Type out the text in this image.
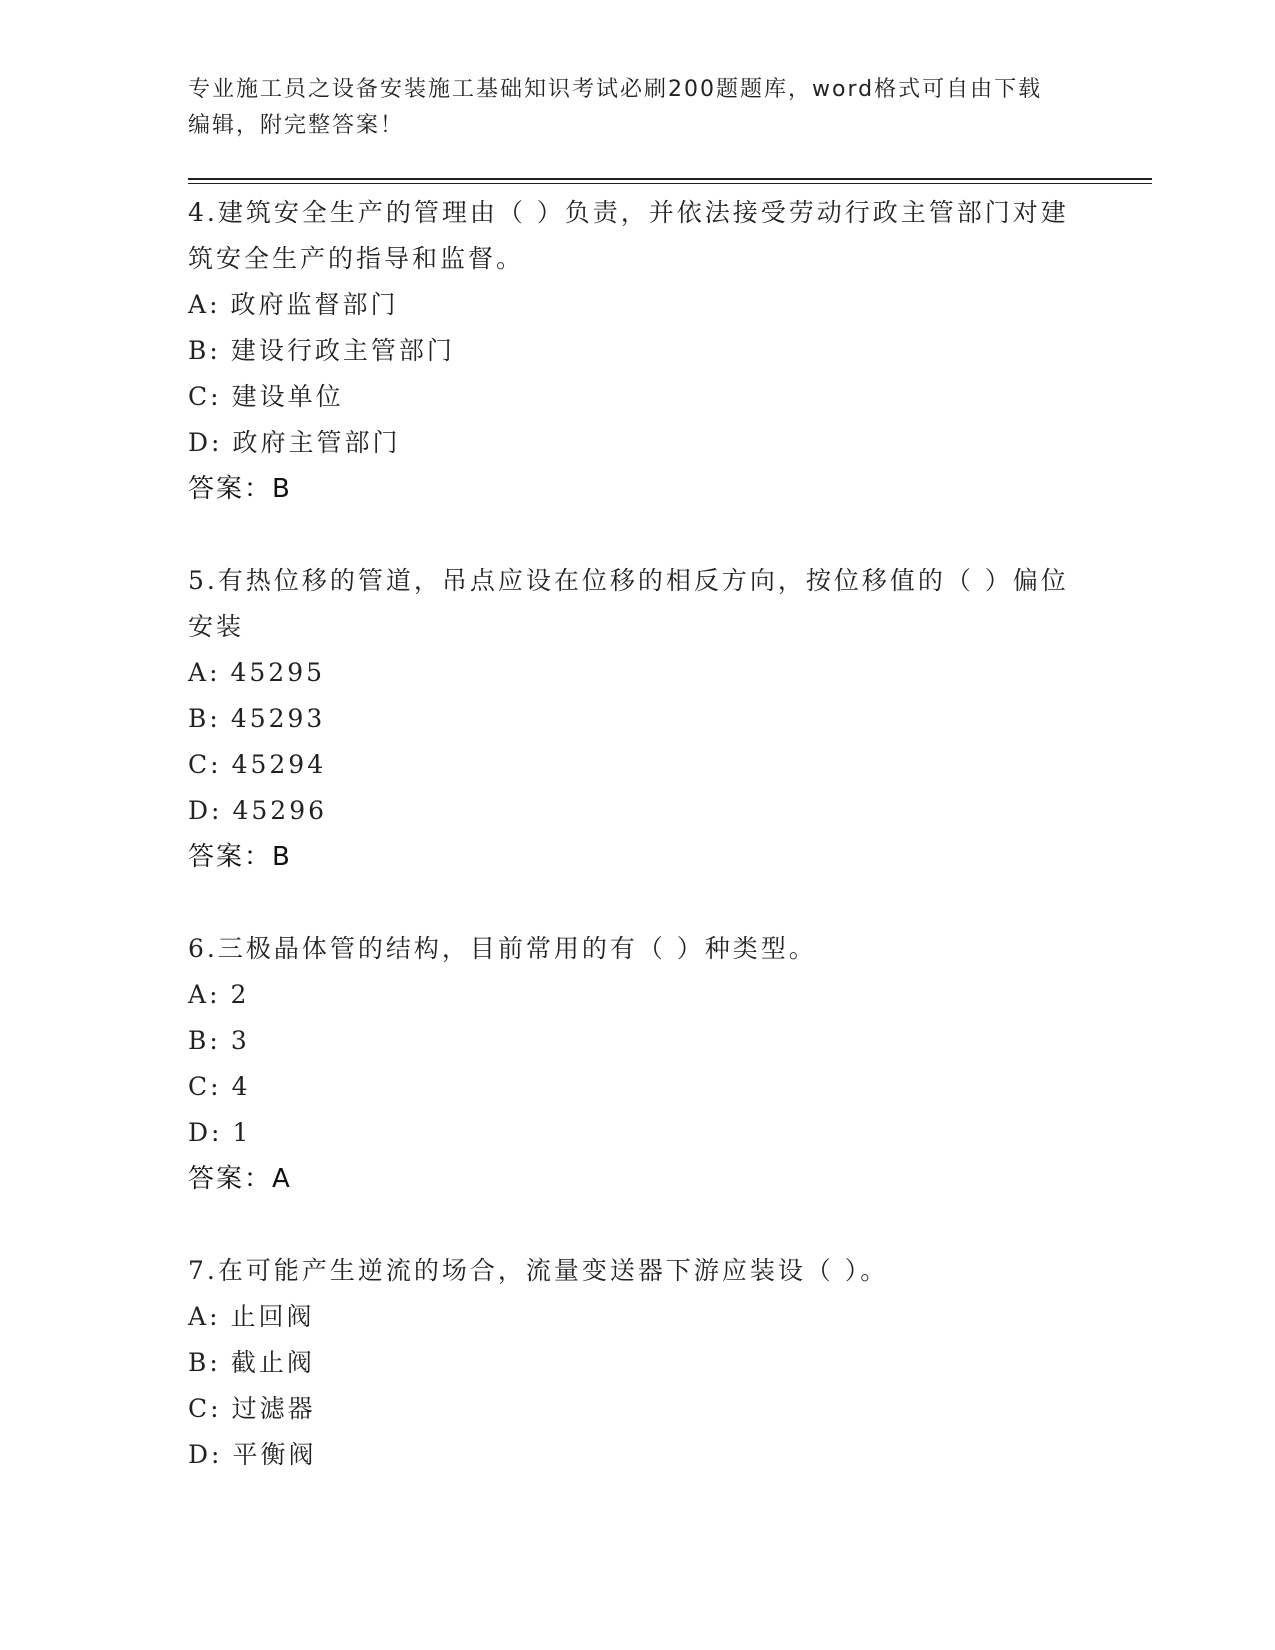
专业施工员之设备安装施工基础知识考试必刷200题题库，word格式可自由下载
编辑，附完整答案！
4.建筑安全生产的管理由（ ）负责，并依法接受劳动行政主管部门对建筑安全生产的指导和监督。
A: 政府监督部门
B: 建设行政主管部门
C: 建设单位
D: 政府主管部门
答案：B
5.有热位移的管道，吊点应设在位移的相反方向，按位移值的（ ）偏位安装
A: 45295
B: 45293
C: 45294
D: 45296
答案：B
6.三极晶体管的结构，目前常用的有（ ）种类型。
A: 2
B: 3
C: 4
D: 1
答案：A
7.在可能产生逆流的场合，流量变送器下游应装设（ ）。
A: 止回阀
B: 截止阀
C: 过滤器
D: 平衡阀
